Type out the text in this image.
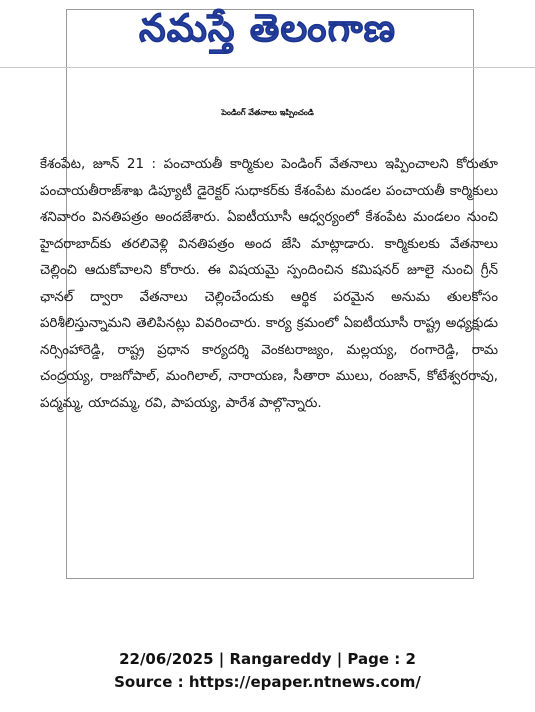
నమస్తే తెలంగాణ
పెండింగ్ వేతనాలు ఇప్పించండి
కేశంపేట, జూన్ 21 : పంచాయతీ కార్మికుల పెండింగ్ వేతనాలు ఇప్పించాలని కోరుతూ పంచాయతీరాజ్‌శాఖ డిప్యూటీ డైరెక్టర్ సుధాకర్‌కు కేశంపేట మండల పంచాయతీ కార్మికులు శనివారం వినతిపత్రం అందజేశారు. ఏఐటీయూసీ ఆధ్వర్యంలో కేశంపేట మండలం నుంచి హైదరాబాద్‌కు తరలివెళ్లి వినతిపత్రం అంద జేసి మాట్లాడారు. కార్మికులకు వేతనాలు చెల్లించి ఆదుకోవాలని కోరారు. ఈ విషయమై స్పందించిన కమిషనర్ జూలై నుంచి గ్రీన్ ఛానల్ ద్వారా వేతనాలు చెల్లించేందుకు ఆర్థిక పరమైన అనుమ తులకోసం పరిశీలిస్తున్నామని తెలిపినట్లు వివరించారు. కార్య క్రమంలో ఏఐటీయూసీ రాష్ట్ర అధ్యక్షుడు నర్సింహారెడ్డి, రాష్ట్ర ప్రధాన కార్యదర్శి వెంకటరాజ్యం, మల్లయ్య, రంగారెడ్డి, రామ చంద్రయ్య, రాజగోపాల్, మంగిలాల్, నారాయణ, సీతారా ములు, రంజాన్, కోటేశ్వరరావు, పద్మమ్మ, యాదమ్మ, రవి, పాపయ్య, పారేశ పాల్గొన్నారు.
22/06/2025 | Rangareddy | Page : 2
Source : https://epaper.ntnews.com/
